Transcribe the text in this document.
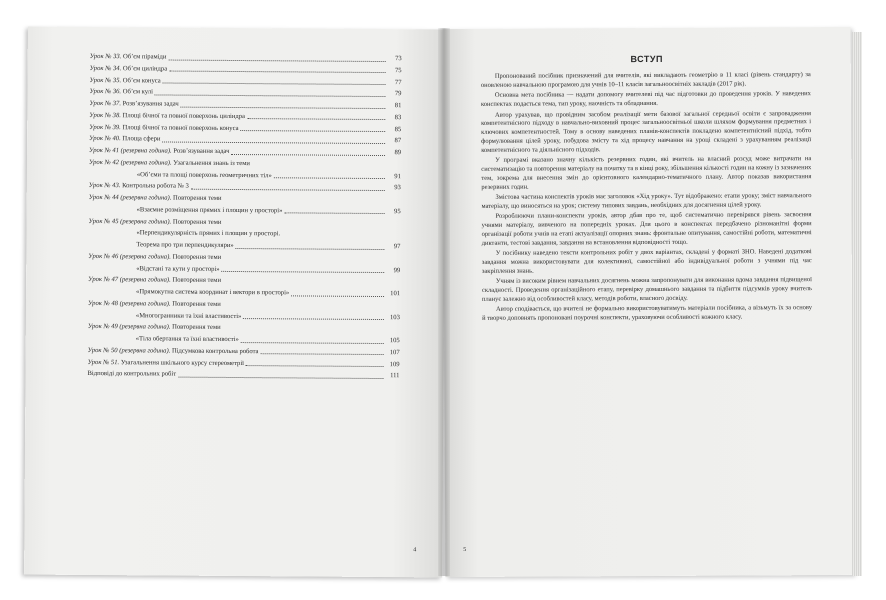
Урок № 33. Об’єм піраміди	73
Урок № 34. Об’єм циліндра	75
Урок № 35. Об’єм конуса	77
Урок № 36. Об’єм кулі	79
Урок № 37. Розв’язування задач	81
Урок № 38. Площі бічної та повної поверхонь циліндра	83
Урок № 39. Площі бічної та повної поверхонь конуса	85
Урок № 40. Площа сфери	87
Урок № 41 (резервна година). Розв’язування задач	89
Урок № 42 (резервна година). Узагальнення знань із теми
«Об’єми та площі поверхонь геометричних тіл»	91
Урок № 43. Контрольна робота № 3	93
Урок № 44 (резервна година). Повторення теми
«Взаємне розміщення прямих і площин у просторі»	95
Урок № 45 (резервна година). Повторення теми
«Перпендикулярність прямих і площин у просторі.
Теорема про три перпендикуляри»	97
Урок № 46 (резервна година). Повторення теми
«Відстані та кути у просторі»	99
Урок № 47 (резервна година). Повторення теми
«Прямокутна система координат і вектори в просторі»	101
Урок № 48 (резервна година). Повторення теми
«Многогранники та їхні властивості»	103
Урок № 49 (резервна година). Повторення теми
«Тіла обертання та їхні властивості»	105
Урок № 50 (резервна година). Підсумкова контрольна робота	107
Урок № 51. Узагальнення шкільного курсу стереометрії	109
Відповіді до контрольних робіт	111
4
ВСТУП

Пропонований посібник призначений для вчителів, які викладають геометрію в 11 класі (рівень стандарту) за оновленою навчальною програмою для учнів 10–11 класів загальноосвітніх закладів (2017 рік).

Основна мета посібника — надати допомогу вчителеві під час підготовки до проведення уроків. У наведених конспектах подається тема, тип уроку, наочність та обладнання.

Автор урахував, що провідним засобом реалізації мети базової загальної середньої освіти є запровадження компетентнісного підходу в навчально-виховний процес загальноосвітньої школи шляхом формування предметних і ключових компетентностей. Тому в основу наведених планів-конспектів покладено компетентнісний підхід, тобто формулювання цілей уроку, побудова змісту та хід процесу навчання на уроці складені з урахуванням реалізації компетентнісного та діяльнісного підходів.

У програмі вказано значну кількість резервних годин, які вчитель на власний розсуд може витрачати на систематизацію та повторення матеріалу на початку та в кінці року, збільшення кількості годин на кожну із зазначених тем, зокрема для внесення змін до орієнтовного календарно-тематичного плану. Автор показав використання резервних годин.

Змістова частина конспектів уроків має заголовок «Хід уроку». Тут відображено: етапи уроку; зміст навчального матеріалу, що виносяться на урок; систему типових завдань, необхідних для досягнення цілей уроку.

Розроблюючи плани-конспекти уроків, автор дбав про те, щоб систематично перевірявся рівень засвоєння учнями матеріалу, вивченого на попередніх уроках. Для цього в конспектах передбачено різноманітні форми організації роботи учнів на етапі актуалізації опорних знань: фронтальне опитування, самостійні роботи, математичні диктанти, тестові завдання, завдання на встановлення відповідності тощо.

У посібнику наведено тексти контрольних робіт у двох варіантах, складені у форматі ЗНО. Наведені додаткові завдання можна використовувати для колективної, самостійної або індивідуальної роботи з учнями під час закріплення знань.

Учням із високим рівнем навчальних досягнень можна запропонувати для виконання вдома завдання підвищеної складності. Проведення організаційного етапу, перевірку домашнього завдання та підбиття підсумків уроку вчитель планує залежно від особливостей класу, методів роботи, власного досвіду.

Автор сподівається, що вчителі не формально використовуватимуть матеріали посібника, а візьмуть їх за основу й творчо доповнять пропоновані поурочні конспекти, ураховуючи особливості кожного класу.

5
